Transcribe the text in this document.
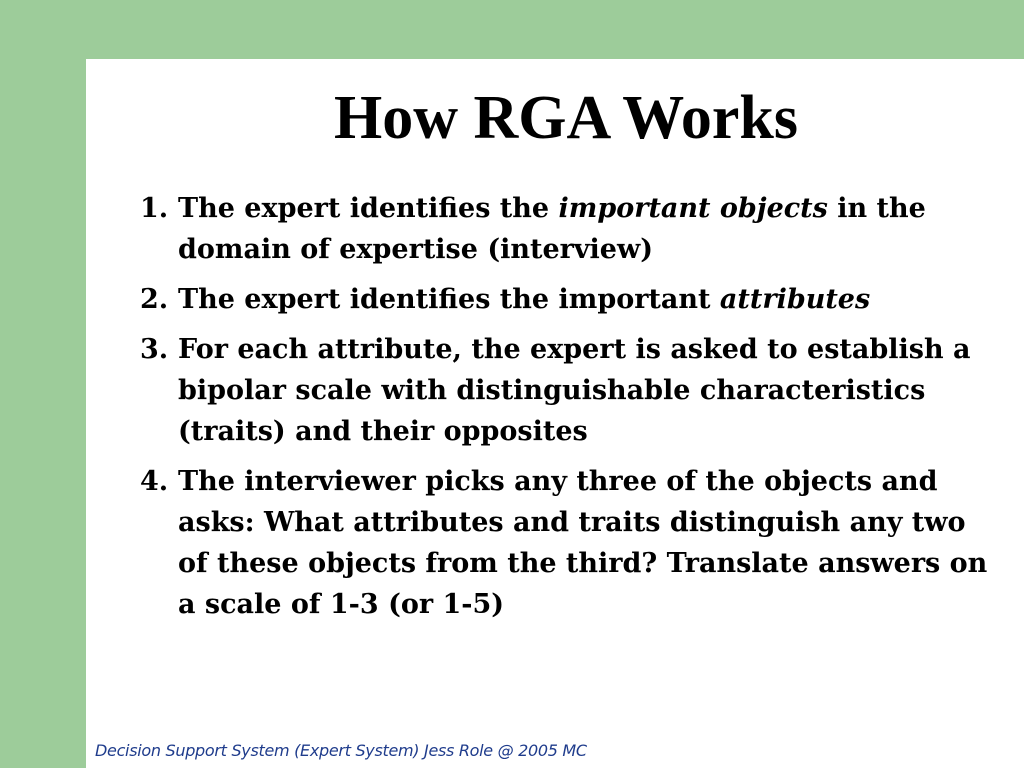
How RGA Works
1. The expert identifies the important objects in the domain of expertise (interview)
2. The expert identifies the important attributes
3. For each attribute, the expert is asked to establish a bipolar scale with distinguishable characteristics (traits) and their opposites
4. The interviewer picks any three of the objects and asks: What attributes and traits distinguish any two of these objects from the third? Translate answers on a scale of 1-3 (or 1-5)
Decision Support System (Expert System) Jess Role @ 2005 MC
